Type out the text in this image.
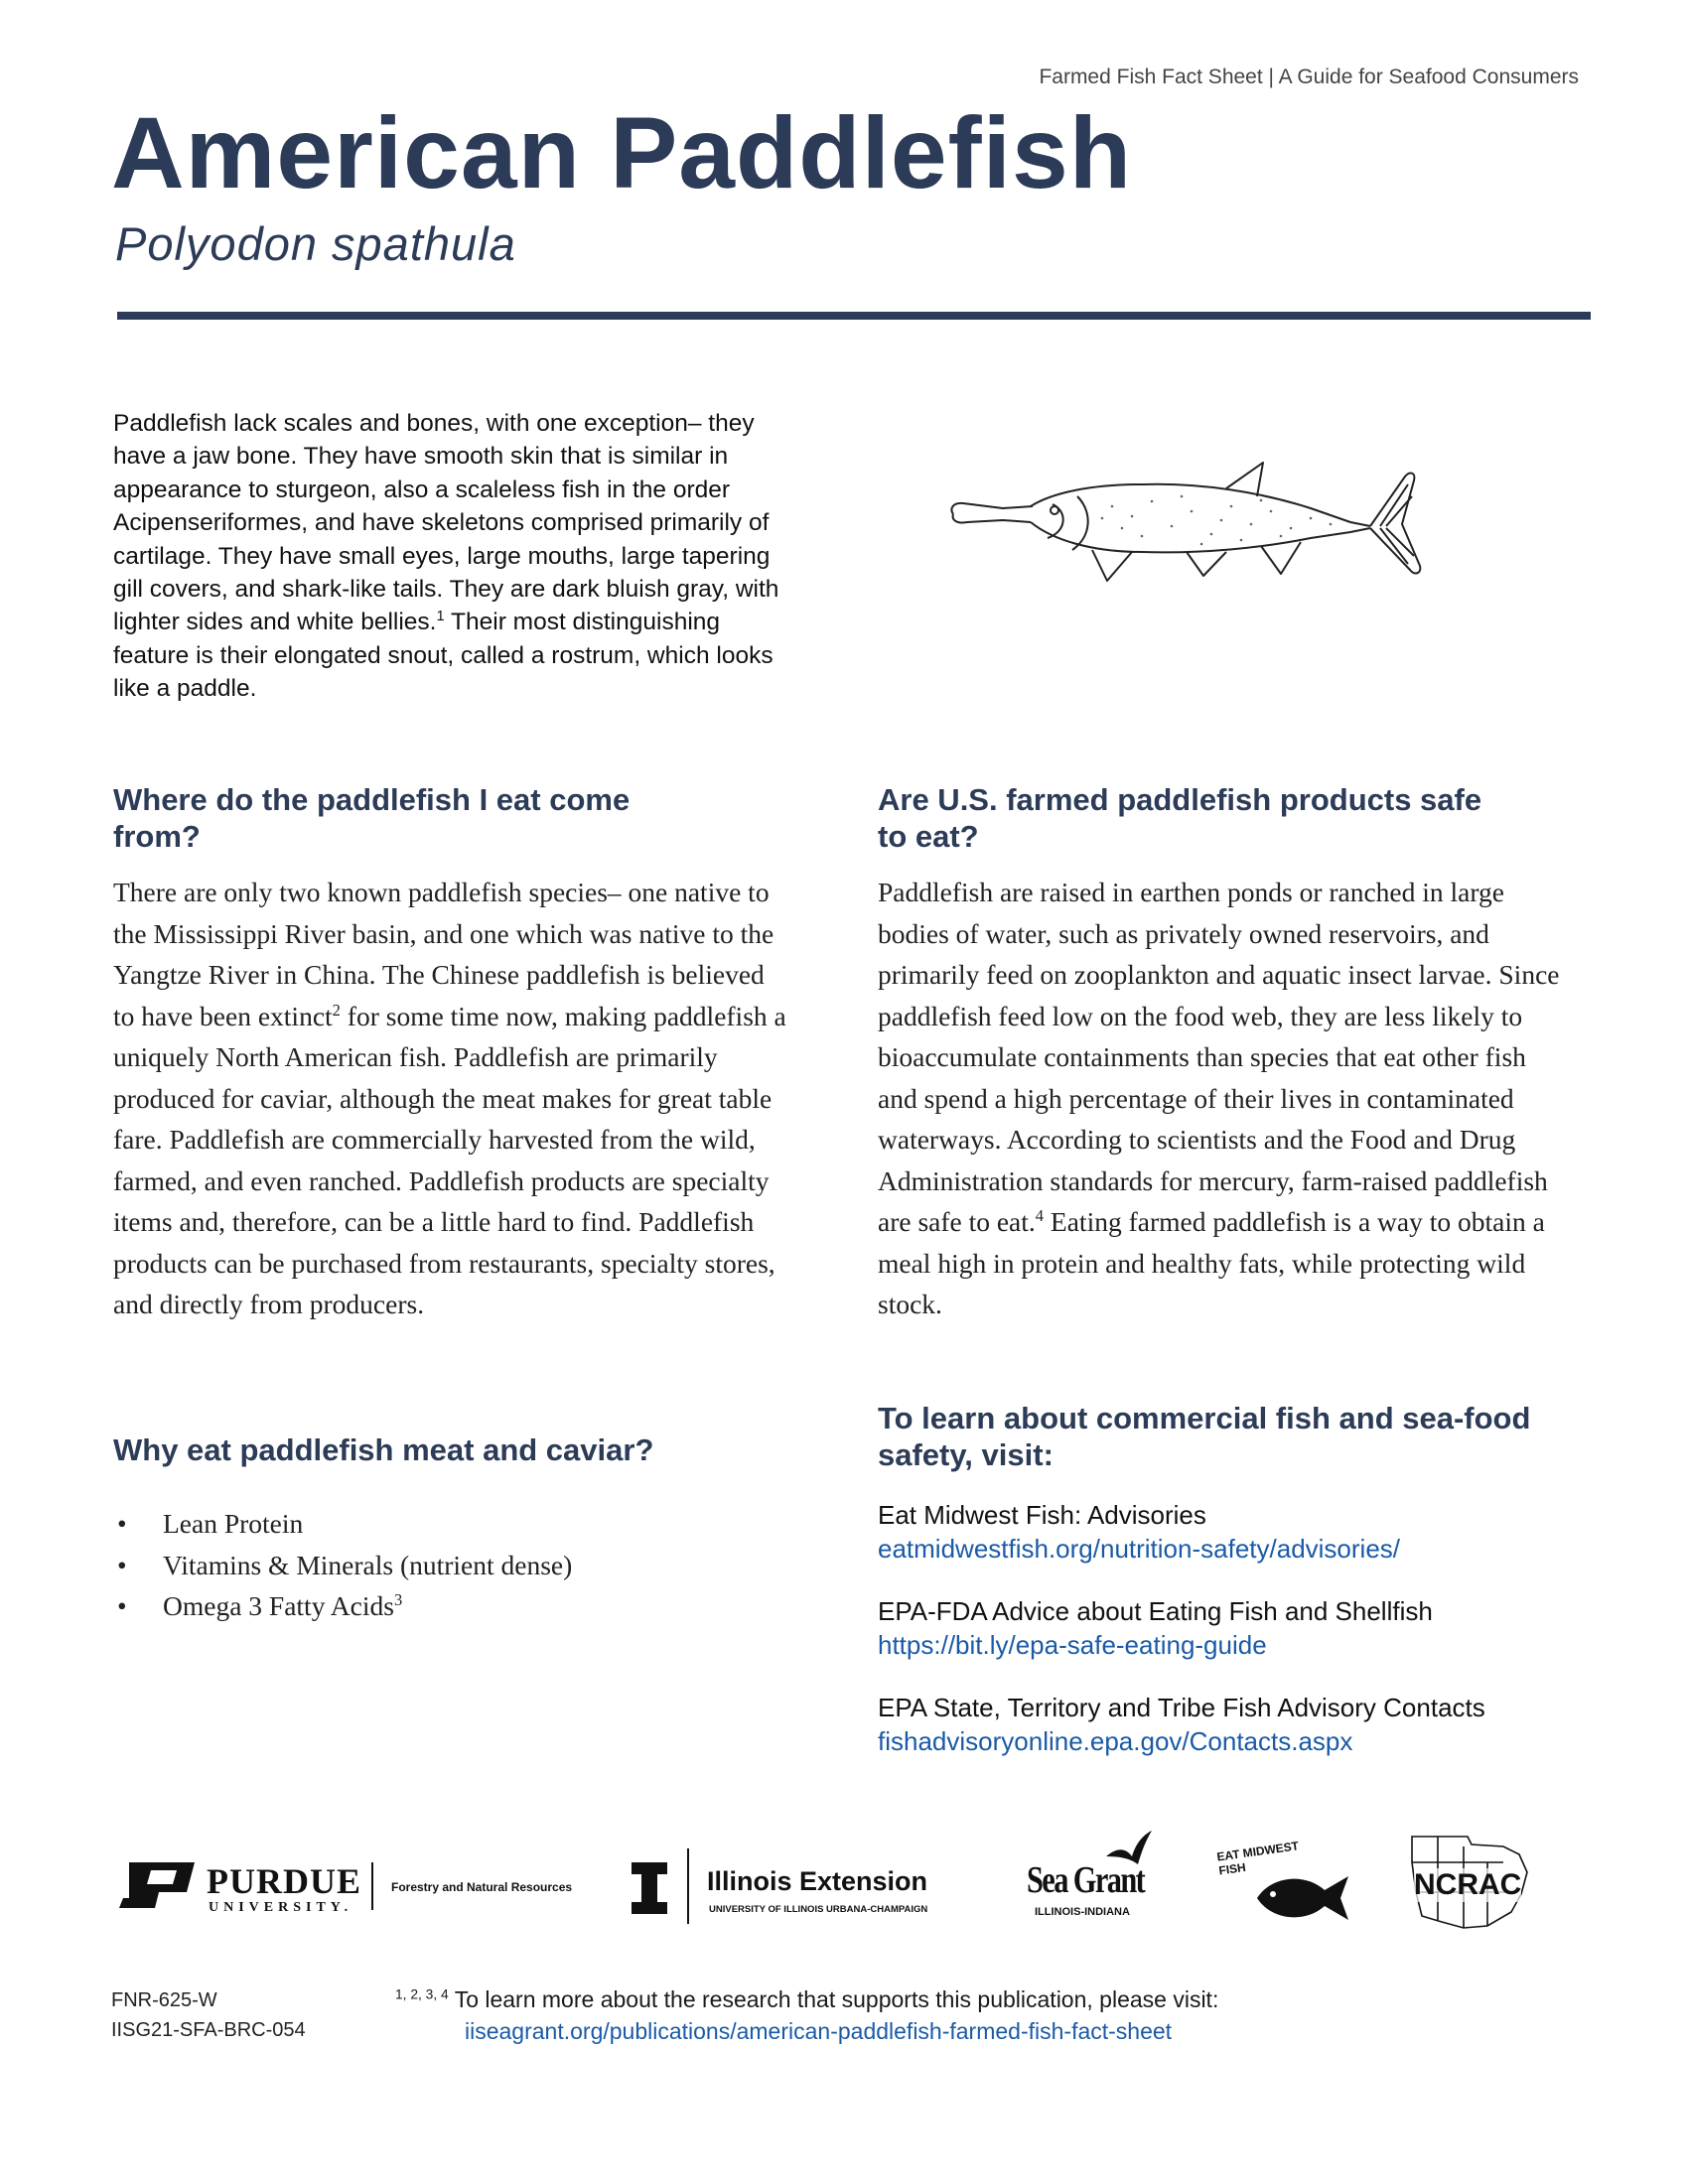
Farmed Fish Fact Sheet | A Guide for Seafood Consumers
American Paddlefish
Polyodon spathula

Paddlefish lack scales and bones, with one exception– they have a jaw bone. They have smooth skin that is similar in appearance to sturgeon, also a scaleless fish in the order Acipenseriformes, and have skeletons comprised primarily of cartilage. They have small eyes, large mouths, large tapering gill covers, and shark-like tails. They are dark bluish gray, with lighter sides and white bellies.$^1$ Their most distinguishing feature is their elongated snout, called a rostrum, which looks like a paddle.

Where do the paddlefish I eat come from?

There are only two known paddlefish species– one native to the Mississippi River basin, and one which was native to the Yangtze River in China. The Chinese paddlefish is believed to have been extinct$^2$ for some time now, making paddlefish a uniquely North American fish. Paddlefish are primarily produced for caviar, although the meat makes for great table fare. Paddlefish are commercially harvested from the wild, farmed, and even ranched. Paddlefish products are specialty items and, therefore, can be a little hard to find. Paddlefish products can be purchased from restaurants, specialty stores, and directly from producers.

Why eat paddlefish meat and caviar?
• Lean Protein
• Vitamins & Minerals (nutrient dense)
• Omega 3 Fatty Acids$^3$
Are U.S. farmed paddlefish products safe to eat?

Paddlefish are raised in earthen ponds or ranched in large bodies of water, such as privately owned reservoirs, and primarily feed on zooplankton and aquatic insect larvae. Since paddlefish feed low on the food web, they are less likely to bioaccumulate containments than species that eat other fish and spend a high percentage of their lives in contaminated waterways. According to scientists and the Food and Drug Administration standards for mercury, farm-raised paddlefish are safe to eat.$^4$ Eating farmed paddlefish is a way to obtain a meal high in protein and healthy fats, while protecting wild stock.

To learn about commercial fish and sea-food safety, visit:
Eat Midwest Fish: Advisories
eatmidwestfish.org/nutrition-safety/advisories/
EPA-FDA Advice about Eating Fish and Shellfish
https://bit.ly/epa-safe-eating-guide
EPA State, Territory and Tribe Fish Advisory Contacts
fishadvisoryonline.epa.gov/Contacts.aspx
PURDUE
UNIVERSITY.
Forestry and Natural Resources	Illinois Extension
UNIVERSITY OF ILLINOIS URBANA-CHAMPAIGN
Sea Grant
ILLINOIS-INDIANA
EAT MIDWEST FISH	NCRAC
FNR-625-W
IISG21-SFA-BRC-054
$^{1, 2, 3, 4}$ To learn more about the research that supports this publication, please visit:
iiseagrant.org/publications/american-paddlefish-farmed-fish-fact-sheet
